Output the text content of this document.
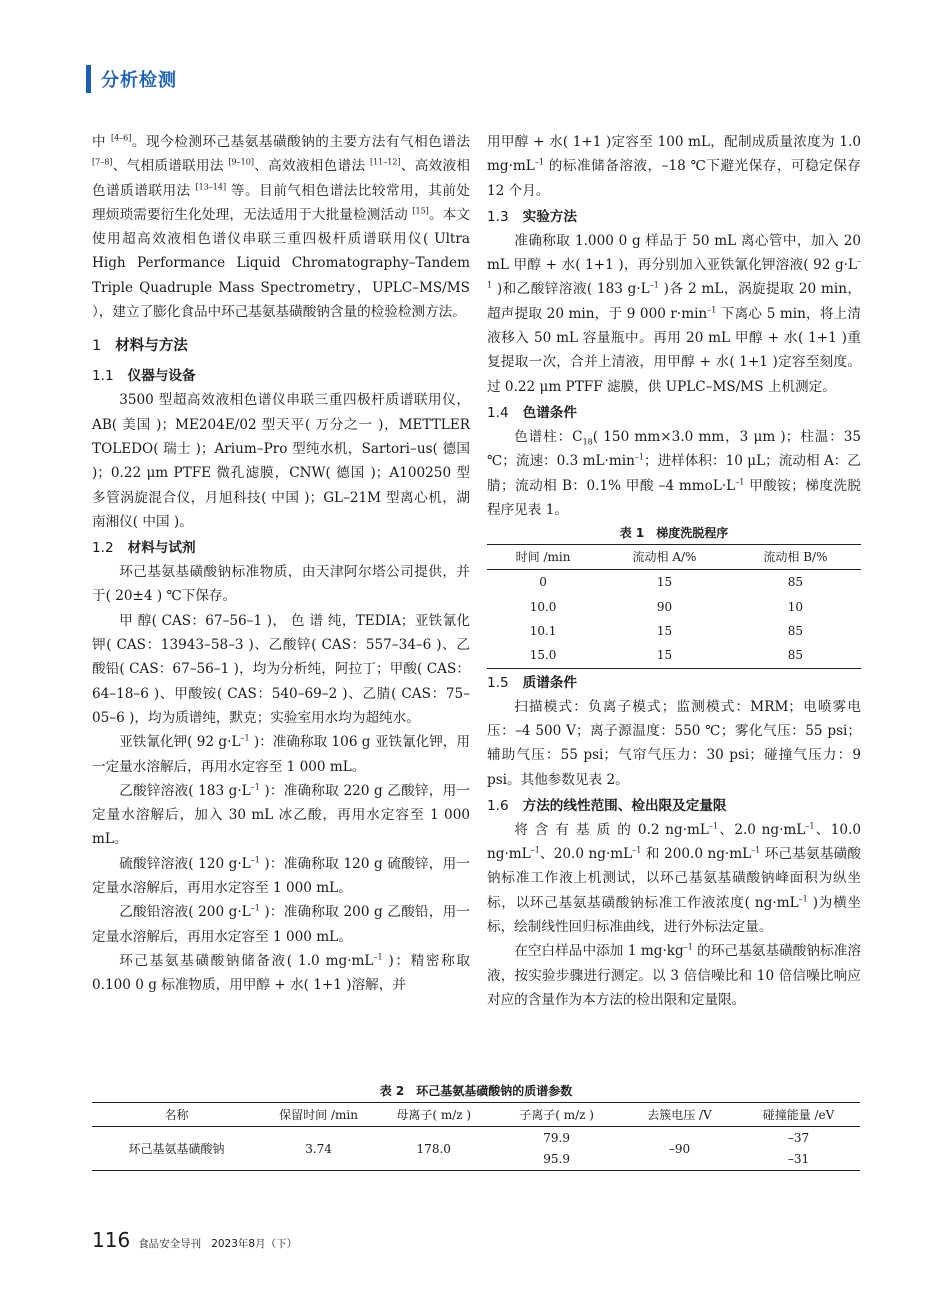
分析检测

中 [4–6]。现今检测环己基氨基磺酸钠的主要方法有气相色谱法 [7–8]、气相质谱联用法 [9–10]、高效液相色谱法 [11–12]、高效液相色谱质谱联用法 [13–14] 等。目前气相色谱法比较常用，其前处理烦琐需要衍生化处理，无法适用于大批量检测活动 [15]。本文使用超高效液相色谱仪串联三重四极杆质谱联用仪( Ultra High Performance Liquid Chromatography–Tandem Triple Quadruple Mass Spectrometry，UPLC–MS/MS ），建立了膨化食品中环己基氨基磺酸钠含量的检验检测方法。

1 材料与方法
1.1 仪器与设备

3500 型超高效液相色谱仪串联三重四极杆质谱联用仪，AB( 美国 )；ME204E/02 型天平( 万分之一 )，METTLER TOLEDO( 瑞士 )；Arium–Pro 型纯水机，Sartori–us( 德国 )；0.22 μm PTFE 微孔滤膜，CNW( 德国 )；A100250 型多管涡旋混合仪，月旭科技( 中国 )；GL–21M 型离心机，湖南湘仪( 中国 )。

1.2 材料与试剂

环己基氨基磺酸钠标准物质，由天津阿尔塔公司提供，并于( 20±4 ) ℃下保存。

甲 醇( CAS：67–56–1 )， 色 谱 纯，TEDIA；亚铁氰化钾( CAS：13943–58–3 )、乙酸锌( CAS：557–34–6 )、乙酸铅( CAS：67–56–1 )，均为分析纯，阿拉丁；甲酸( CAS：64–18–6 )、甲酸铵( CAS：540–69–2 )、乙腈( CAS：75–05–6 )，均为质谱纯，默克；实验室用水均为超纯水。

亚铁氰化钾( 92 $g\cdot L^{-1}$ )：准确称取 106 g 亚铁氰化钾，用一定量水溶解后，再用水定容至 1 000 mL。

乙酸锌溶液( 183 $g\cdot L^{-1}$ )：准确称取 220 g 乙酸锌，用一定量水溶解后，加入 30 mL 冰乙酸，再用水定容至 1 000 mL。

硫酸锌溶液( 120 $g\cdot L^{-1}$ )：准确称取 120 g 硫酸锌，用一定量水溶解后，再用水定容至 1 000 mL。

乙酸铅溶液( 200 $g\cdot L^{-1}$ )：准确称取 200 g 乙酸铅，用一定量水溶解后，再用水定容至 1 000 mL。

环己基氨基磺酸钠储备液( 1.0 $mg\cdot mL^{-1}$ )：精密称取 0.100 0 g 标准物质，用甲醇 + 水( 1+1 )溶解，并

用甲醇 + 水( 1+1 )定容至 100 mL，配制成质量浓度为 1.0 $mg\cdot mL^{-1}$ 的标准储备溶液，–18 ℃下避光保存，可稳定保存 12 个月。

1.3 实验方法

准确称取 1.000 0 g 样品于 50 mL 离心管中，加入 20 mL 甲醇 + 水( 1+1 )，再分别加入亚铁氰化钾溶液( 92 $g\cdot L^{-1}$ )和乙酸锌溶液( 183 $g\cdot L^{-1}$ )各 2 mL，涡旋提取 20 min，超声提取 20 min，于 9 000 $r\cdot\min^{-1}$ 下离心 5 min，将上清液移入 50 mL 容量瓶中。再用 20 mL 甲醇 + 水( 1+1 )重复提取一次，合并上清液，用甲醇 + 水( 1+1 )定容至刻度。过 0.22 μm PTFF 滤膜，供 UPLC–MS/MS 上机测定。

1.4 色谱条件

色谱柱：$C_{18}$( 150 mm×3.0 mm，3 μm )；柱温：35 ℃；流速：0.3 $mL\cdot\min^{-1}$；进样体积：10 μL；流动相 A：乙腈；流动相 B：0.1% 甲酸 –4 $mmoL\cdot L^{-1}$ 甲酸铵；梯度洗脱程序见表 1。

表 1　梯度洗脱程序

时间 /min	流动相 A/%	流动相 B/%
0	15	85
10.0	90	10
10.1	15	85
15.0	15	85
1.5 质谱条件

扫描模式：负离子模式；监测模式：MRM；电喷雾电压：–4 500 V；离子源温度：550 ℃；雾化气压：55 psi；辅助气压：55 psi；气帘气压力：30 psi；碰撞气压力：9 psi。其他参数见表 2。

1.6 方法的线性范围、检出限及定量限

将 含 有 基 质 的 0.2 $ng\cdot mL^{-1}$、2.0 $ng\cdot mL^{-1}$、10.0 $ng\cdot mL^{-1}$、20.0 $ng\cdot mL^{-1}$ 和 200.0 $ng\cdot mL^{-1}$ 环己基氨基磺酸钠标准工作液上机测试，以环己基氨基磺酸钠峰面积为纵坐标，以环己基氨基磺酸钠标准工作液浓度( $ng\cdot mL^{-1}$ )为横坐标，绘制线性回归标准曲线，进行外标法定量。

在空白样品中添加 1 $mg\cdot kg^{-1}$ 的环己基氨基磺酸钠标准溶液，按实验步骤进行测定。以 3 倍信噪比和 10 倍信噪比响应对应的含量作为本方法的检出限和定量限。

表 2　环己基氨基磺酸钠的质谱参数

名称	保留时间 /min	母离子( m/z )	子离子( m/z )	去簇电压 /V	碰撞能量 /eV
环己基氨基磺酸钠	3.74	178.0	79.9	–90	–37
			95.9		–31
116 食品安全导刊 2023年8月（下）
